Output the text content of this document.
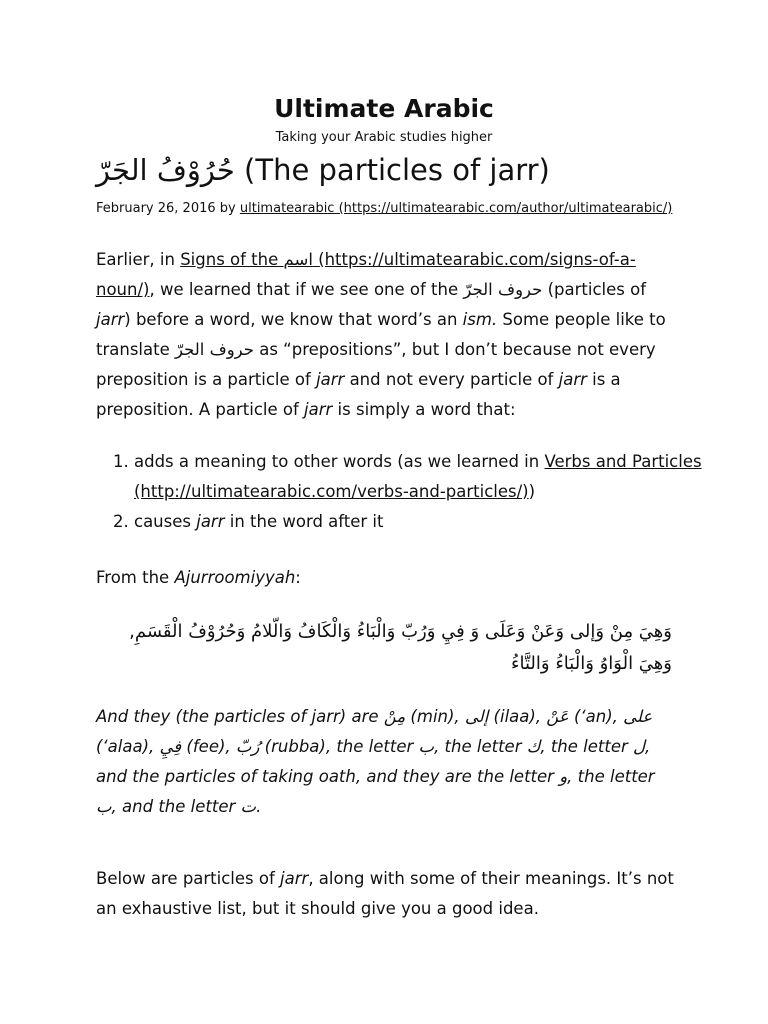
Ultimate Arabic

Taking your Arabic studies higher

حُرُوْفُ الجَرّ (The particles of jarr)

February 26, 2016 by ultimatearabic (https://ultimatearabic.com/author/ultimatearabic/)

Earlier, in Signs of the اسم (https://ultimatearabic.com/signs-of-a-noun/), we learned that if we see one of the حروف الجرّ (particles of jarr) before a word, we know that word’s an ism. Some people like to translate حروف الجرّ as “prepositions”, but I don’t because not every preposition is a particle of jarr and not every particle of jarr is a preposition. A particle of jarr is simply a word that:

1. adds a meaning to other words (as we learned in Verbs and Particles (http://ultimatearabic.com/verbs-and-particles/))
2. causes jarr in the word after it

From the Ajurroomiyyah:

وَهِيَ مِنْ وَإلى وَعَنْ وَعَلَى وَ فِيِ وَرُبّ وَالْبَاءُ وَالْكَافُ وَالّلامُ وَحُرُوْفُ الْقَسَمِ, وَهِيَ الْوَاوُ وَالْبَاءُ وَالتَّاءُ

And they (the particles of jarr) are مِنْ (min), إلى (ilaa), عَنْ (‘an), على (‘alaa), فِيِ (fee), رُبّ (rubba), the letter ب, the letter ك, the letter ل, and the particles of taking oath, and they are the letter و, the letter ب, and the letter ت.

Below are particles of jarr, along with some of their meanings. It’s not an exhaustive list, but it should give you a good idea.
